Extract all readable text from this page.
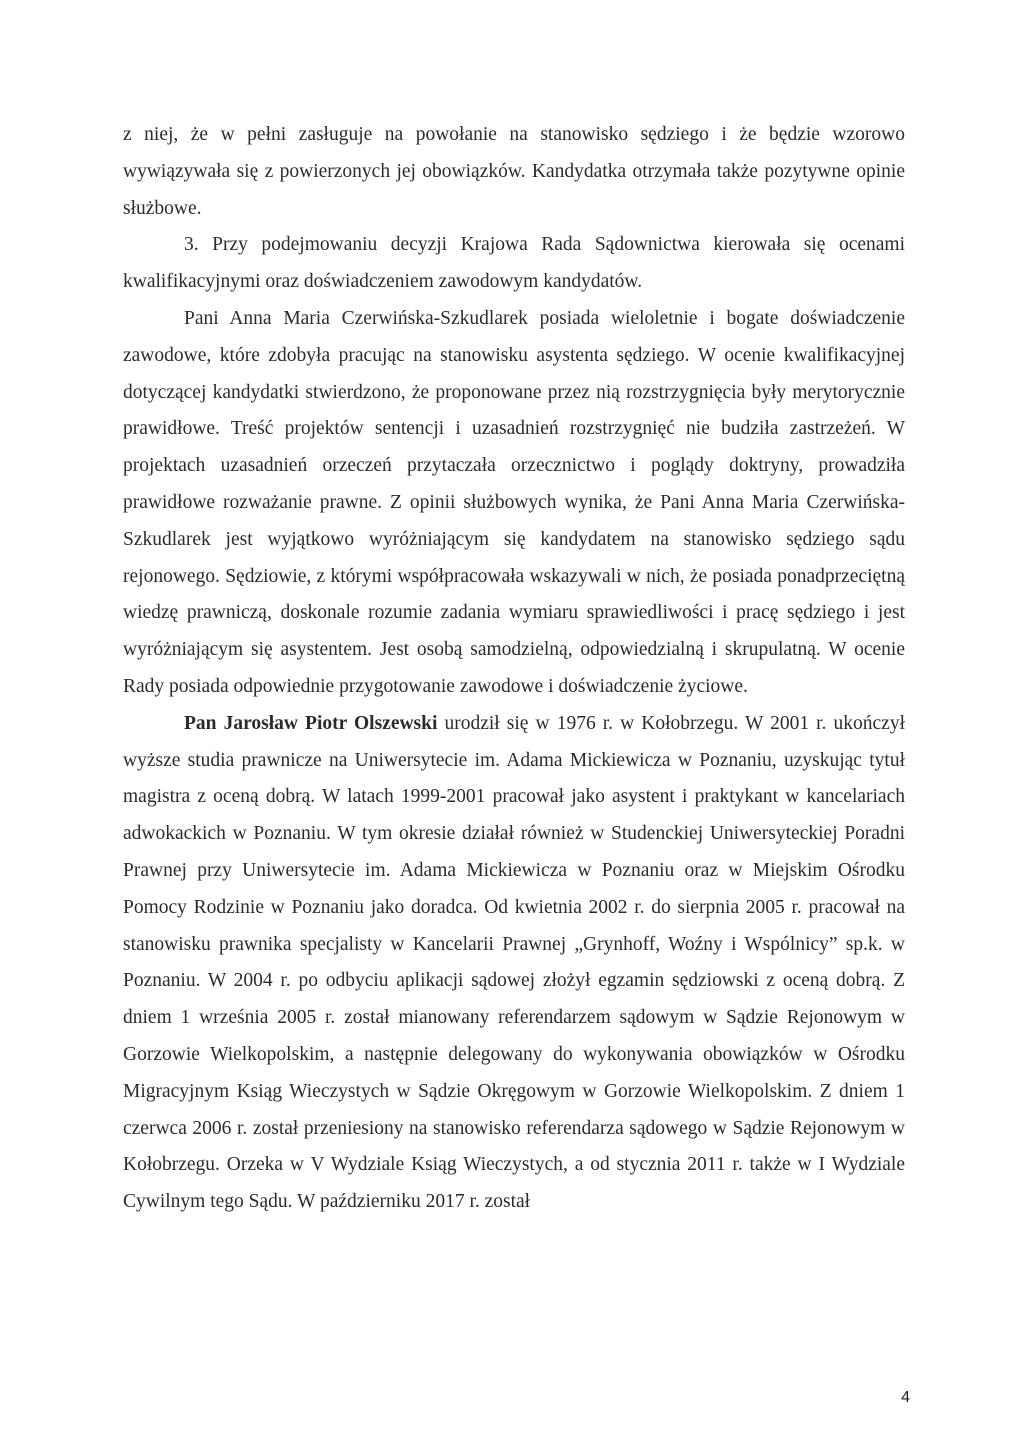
z niej, że w pełni zasługuje na powołanie na stanowisko sędziego i że będzie wzorowo wywiązywała się z powierzonych jej obowiązków. Kandydatka otrzymała także pozytywne opinie służbowe.

3. Przy podejmowaniu decyzji Krajowa Rada Sądownictwa kierowała się ocenami kwalifikacyjnymi oraz doświadczeniem zawodowym kandydatów.

Pani Anna Maria Czerwińska-Szkudlarek posiada wieloletnie i bogate doświadczenie zawodowe, które zdobyła pracując na stanowisku asystenta sędziego. W ocenie kwalifikacyjnej dotyczącej kandydatki stwierdzono, że proponowane przez nią rozstrzygnięcia były merytorycznie prawidłowe. Treść projektów sentencji i uzasadnień rozstrzygnięć nie budziła zastrzeżeń. W projektach uzasadnień orzeczeń przytaczała orzecznictwo i poglądy doktryny, prowadziła prawidłowe rozważanie prawne. Z opinii służbowych wynika, że Pani Anna Maria Czerwińska-Szkudlarek jest wyjątkowo wyróżniającym się kandydatem na stanowisko sędziego sądu rejonowego. Sędziowie, z którymi współpracowała wskazywali w nich, że posiada ponadprzeciętną wiedzę prawniczą, doskonale rozumie zadania wymiaru sprawiedliwości i pracę sędziego i jest wyróżniającym się asystentem. Jest osobą samodzielną, odpowiedzialną i skrupulatną. W ocenie Rady posiada odpowiednie przygotowanie zawodowe i doświadczenie życiowe.

Pan Jarosław Piotr Olszewski urodził się w 1976 r. w Kołobrzegu. W 2001 r. ukończył wyższe studia prawnicze na Uniwersytecie im. Adama Mickiewicza w Poznaniu, uzyskując tytuł magistra z oceną dobrą. W latach 1999-2001 pracował jako asystent i praktykant w kancelariach adwokackich w Poznaniu. W tym okresie działał również w Studenckiej Uniwersyteckiej Poradni Prawnej przy Uniwersytecie im. Adama Mickiewicza w Poznaniu oraz w Miejskim Ośrodku Pomocy Rodzinie w Poznaniu jako doradca. Od kwietnia 2002 r. do sierpnia 2005 r. pracował na stanowisku prawnika specjalisty w Kancelarii Prawnej „Grynhoff, Woźny i Wspólnicy” sp.k. w Poznaniu. W 2004 r. po odbyciu aplikacji sądowej złożył egzamin sędziowski z oceną dobrą. Z dniem 1 września 2005 r. został mianowany referendarzem sądowym w Sądzie Rejonowym w Gorzowie Wielkopolskim, a następnie delegowany do wykonywania obowiązków w Ośrodku Migracyjnym Ksiąg Wieczystych w Sądzie Okręgowym w Gorzowie Wielkopolskim. Z dniem 1 czerwca 2006 r. został przeniesiony na stanowisko referendarza sądowego w Sądzie Rejonowym w Kołobrzegu. Orzeka w V Wydziale Ksiąg Wieczystych, a od stycznia 2011 r. także w I Wydziale Cywilnym tego Sądu. W październiku 2017 r. został

4
